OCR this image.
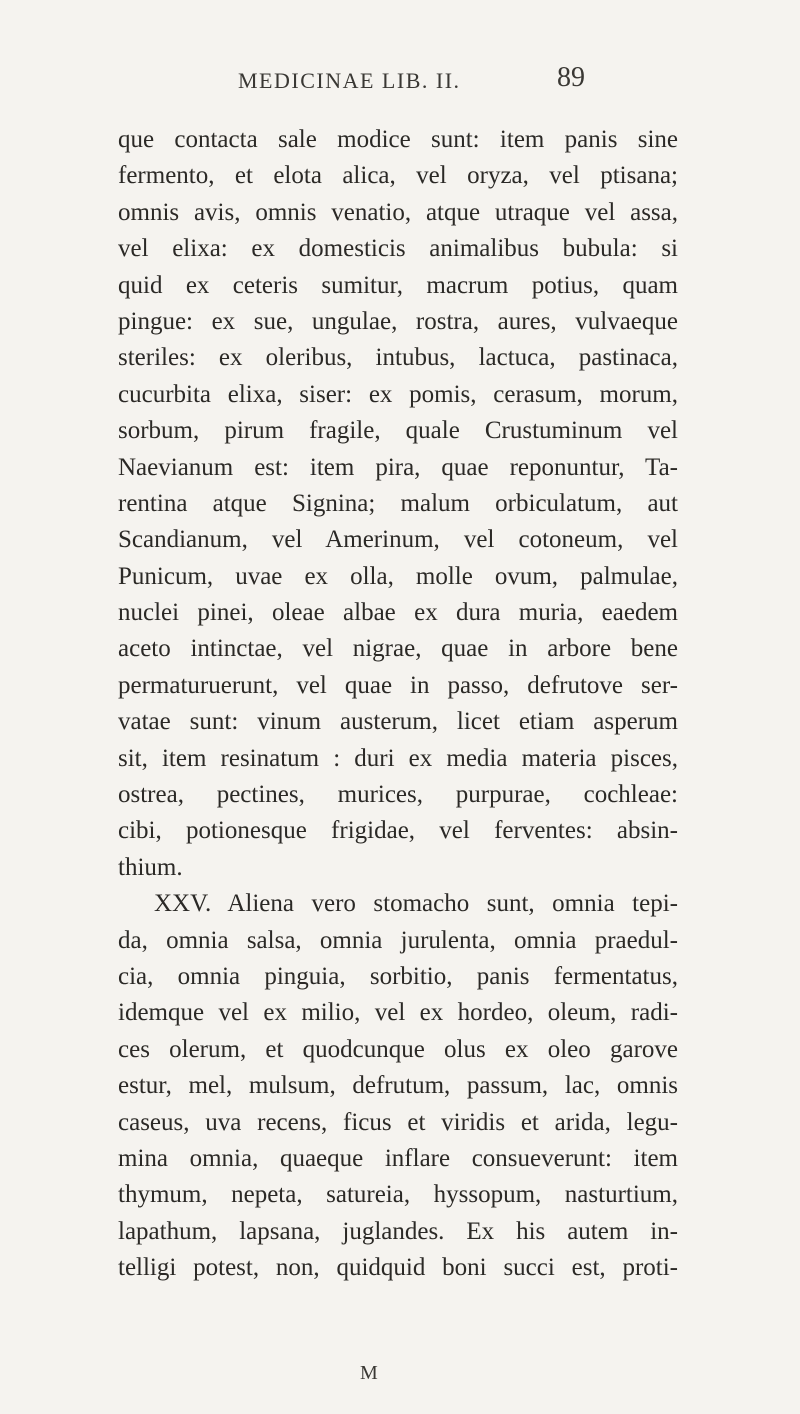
MEDICINAE LIB. II.	89
que contacta sale modice sunt: item panis sine
fermento, et elota alica, vel oryza, vel ptisana;
omnis avis, omnis venatio, atque utraque vel assa,
vel elixa: ex domesticis animalibus bubula: si
quid ex ceteris sumitur, macrum potius, quam
pingue: ex sue, ungulae, rostra, aures, vulvaeque
steriles: ex oleribus, intubus, lactuca, pastinaca,
cucurbita elixa, siser: ex pomis, cerasum, morum,
sorbum, pirum fragile, quale Crustuminum vel
Naevianum est: item pira, quae reponuntur, Ta-
rentina atque Signina; malum orbiculatum, aut
Scandianum, vel Amerinum, vel cotoneum, vel
Punicum, uvae ex olla, molle ovum, palmulae,
nuclei pinei, oleae albae ex dura muria, eaedem
aceto intinctae, vel nigrae, quae in arbore bene
permaturuerunt, vel quae in passo, defrutove ser-
vatae sunt: vinum austerum, licet etiam asperum
sit, item resinatum : duri ex media materia pisces,
ostrea, pectines, murices, purpurae, cochleae:
cibi, potionesque frigidae, vel ferventes: absin-
thium.
XXV. Aliena vero stomacho sunt, omnia tepi-
da, omnia salsa, omnia jurulenta, omnia praedul-
cia, omnia pinguia, sorbitio, panis fermentatus,
idemque vel ex milio, vel ex hordeo, oleum, radi-
ces olerum, et quodcunque olus ex oleo garove
estur, mel, mulsum, defrutum, passum, lac, omnis
caseus, uva recens, ficus et viridis et arida, legu-
mina omnia, quaeque inflare consueverunt: item
thymum, nepeta, satureia, hyssopum, nasturtium,
lapathum, lapsana, juglandes. Ex his autem in-
telligi potest, non, quidquid boni succi est, proti-
M
